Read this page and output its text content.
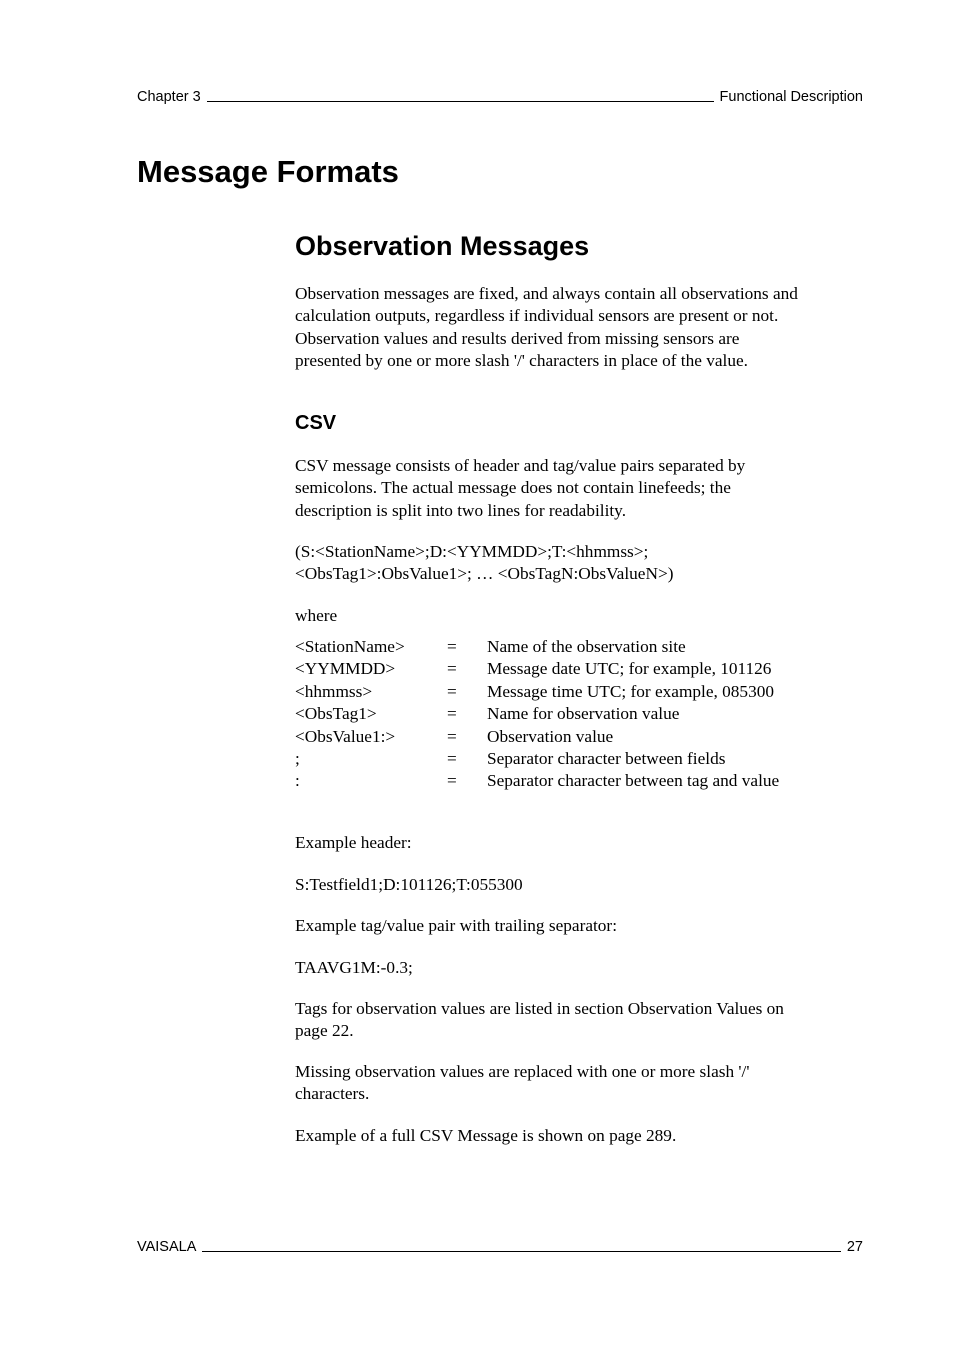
Chapter 3	Functional Description
Message Formats
Observation Messages

Observation messages are fixed, and always contain all observations and

calculation outputs, regardless if individual sensors are present or not.

Observation values and results derived from missing sensors are

presented by one or more slash '/' characters in place of the value.

CSV

CSV message consists of header and tag/value pairs separated by

semicolons. The actual message does not contain linefeeds; the

description is split into two lines for readability.

(S:<StationName>;D:<YYMMDD>;T:<hhmmss>;

<ObsTag1>:ObsValue1>; … <ObsTagN:ObsValueN>)

where

<StationName>	=	Name of the observation site
<YYMMDD>	=	Message date UTC; for example, 101126
<hhmmss>	=	Message time UTC; for example, 085300
<ObsTag1>	=	Name for observation value
<ObsValue1:>	=	Observation value
;	=	Separator character between fields
:	=	Separator character between tag and value

Example header:

S:Testfield1;D:101126;T:055300

Example tag/value pair with trailing separator:

TAAVG1M:-0.3;

Tags for observation values are listed in section Observation Values on

page 22.

Missing observation values are replaced with one or more slash '/'

characters.

Example of a full CSV Message is shown on page 289.

VAISALA	27
